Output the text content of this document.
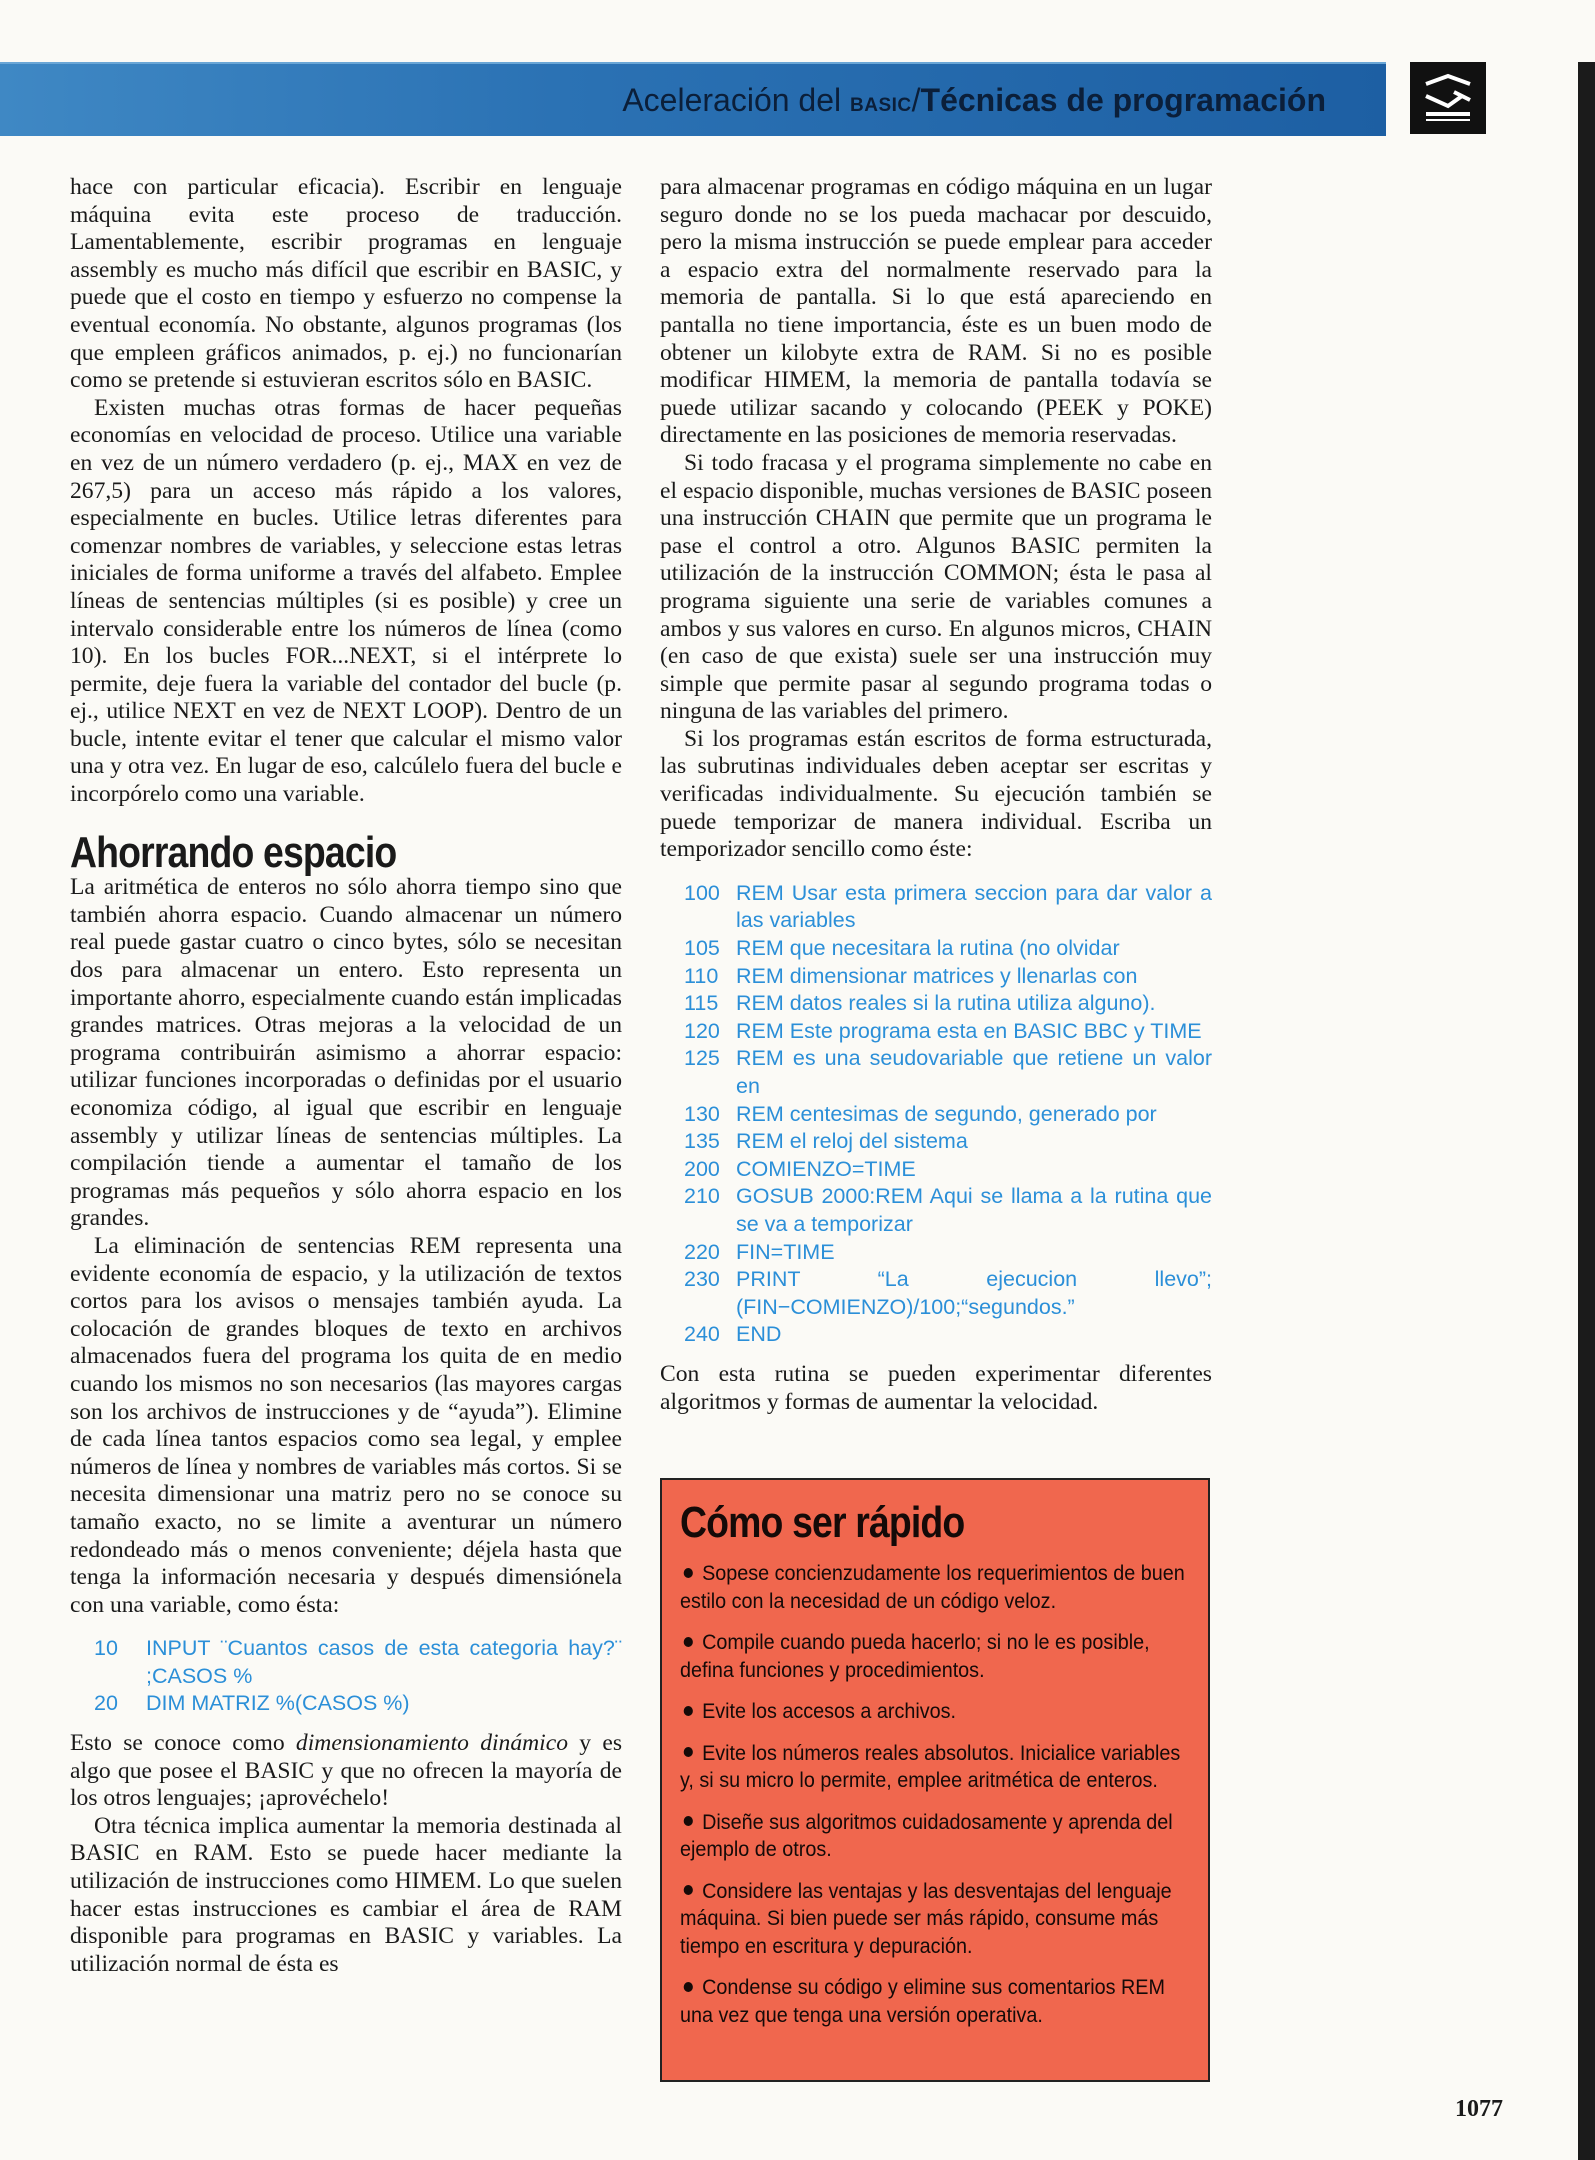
Aceleración del BASIC/Técnicas de programación

hace con particular eficacia). Escribir en lenguaje máquina evita este proceso de traducción. Lamentablemente, escribir programas en lenguaje assembly es mucho más difícil que escribir en BASIC, y puede que el costo en tiempo y esfuerzo no compense la eventual economía. No obstante, algunos programas (los que empleen gráficos animados, p. ej.) no funcionarían como se pretende si estuvieran escritos sólo en BASIC.

Existen muchas otras formas de hacer pequeñas economías en velocidad de proceso. Utilice una variable en vez de un número verdadero (p. ej., MAX en vez de 267,5) para un acceso más rápido a los valores, especialmente en bucles. Utilice letras diferentes para comenzar nombres de variables, y seleccione estas letras iniciales de forma uniforme a través del alfabeto. Emplee líneas de sentencias múltiples (si es posible) y cree un intervalo considerable entre los números de línea (como 10). En los bucles FOR...NEXT, si el intérprete lo permite, deje fuera la variable del contador del bucle (p. ej., utilice NEXT en vez de NEXT LOOP). Dentro de un bucle, intente evitar el tener que calcular el mismo valor una y otra vez. En lugar de eso, calcúlelo fuera del bucle e incorpórelo como una variable.

Ahorrando espacio

La aritmética de enteros no sólo ahorra tiempo sino que también ahorra espacio. Cuando almacenar un número real puede gastar cuatro o cinco bytes, sólo se necesitan dos para almacenar un entero. Esto representa un importante ahorro, especialmente cuando están implicadas grandes matrices. Otras mejoras a la velocidad de un programa contribuirán asimismo a ahorrar espacio: utilizar funciones incorporadas o definidas por el usuario economiza código, al igual que escribir en lenguaje assembly y utilizar líneas de sentencias múltiples. La compilación tiende a aumentar el tamaño de los programas más pequeños y sólo ahorra espacio en los grandes.

La eliminación de sentencias REM representa una evidente economía de espacio, y la utilización de textos cortos para los avisos o mensajes también ayuda. La colocación de grandes bloques de texto en archivos almacenados fuera del programa los quita de en medio cuando los mismos no son necesarios (las mayores cargas son los archivos de instrucciones y de “ayuda”). Elimine de cada línea tantos espacios como sea legal, y emplee números de línea y nombres de variables más cortos. Si se necesita dimensionar una matriz pero no se conoce su tamaño exacto, no se limite a aventurar un número redondeado más o menos conveniente; déjela hasta que tenga la información necesaria y después dimensiónela con una variable, como ésta:

10	INPUT ¨Cuantos casos de esta categoria hay?¨ ;CASOS %
20	DIM MATRIZ %(CASOS %)

Esto se conoce como dimensionamiento dinámico y es algo que posee el BASIC y que no ofrecen la mayoría de los otros lenguajes; ¡aprovéchelo!

Otra técnica implica aumentar la memoria destinada al BASIC en RAM. Esto se puede hacer mediante la utilización de instrucciones como HIMEM. Lo que suelen hacer estas instrucciones es cambiar el área de RAM disponible para programas en BASIC y variables. La utilización normal de ésta es

para almacenar programas en código máquina en un lugar seguro donde no se los pueda machacar por descuido, pero la misma instrucción se puede emplear para acceder a espacio extra del normalmente reservado para la memoria de pantalla. Si lo que está apareciendo en pantalla no tiene importancia, éste es un buen modo de obtener un kilobyte extra de RAM. Si no es posible modificar HIMEM, la memoria de pantalla todavía se puede utilizar sacando y colocando (PEEK y POKE) directamente en las posiciones de memoria reservadas.

Si todo fracasa y el programa simplemente no cabe en el espacio disponible, muchas versiones de BASIC poseen una instrucción CHAIN que permite que un programa le pase el control a otro. Algunos BASIC permiten la utilización de la instrucción COMMON; ésta le pasa al programa siguiente una serie de variables comunes a ambos y sus valores en curso. En algunos micros, CHAIN (en caso de que exista) suele ser una instrucción muy simple que permite pasar al segundo programa todas o ninguna de las variables del primero.

Si los programas están escritos de forma estructurada, las subrutinas individuales deben aceptar ser escritas y verificadas individualmente. Su ejecución también se puede temporizar de manera individual. Escriba un temporizador sencillo como éste:

100 REM Usar esta primera seccion para dar valor a las variables
105 REM que necesitara la rutina (no olvidar
110 REM dimensionar matrices y llenarlas con
115 REM datos reales si la rutina utiliza alguno).
120 REM Este programa esta en BASIC BBC y TIME
125 REM es una seudovariable que retiene un valor en
130 REM centesimas de segundo, generado por
135 REM el reloj del sistema
200 COMIENZO=TIME
210 GOSUB 2000:REM Aqui se llama a la rutina que se va a temporizar
220 FIN=TIME
230 PRINT “La ejecucion llevo”;(FIN−COMIENZO)/100;“segundos.”
240 END

Con esta rutina se pueden experimentar diferentes algoritmos y formas de aumentar la velocidad.

Cómo ser rápido
Sopese concienzudamente los requerimientos de buen estilo con la necesidad de un código veloz.
Compile cuando pueda hacerlo; si no le es posible, defina funciones y procedimientos.
Evite los accesos a archivos.
Evite los números reales absolutos. Inicialice variables y, si su micro lo permite, emplee aritmética de enteros.
Diseñe sus algoritmos cuidadosamente y aprenda del ejemplo de otros.
Considere las ventajas y las desventajas del lenguaje máquina. Si bien puede ser más rápido, consume más tiempo en escritura y depuración.
Condense su código y elimine sus comentarios REM una vez que tenga una versión operativa.
1077
